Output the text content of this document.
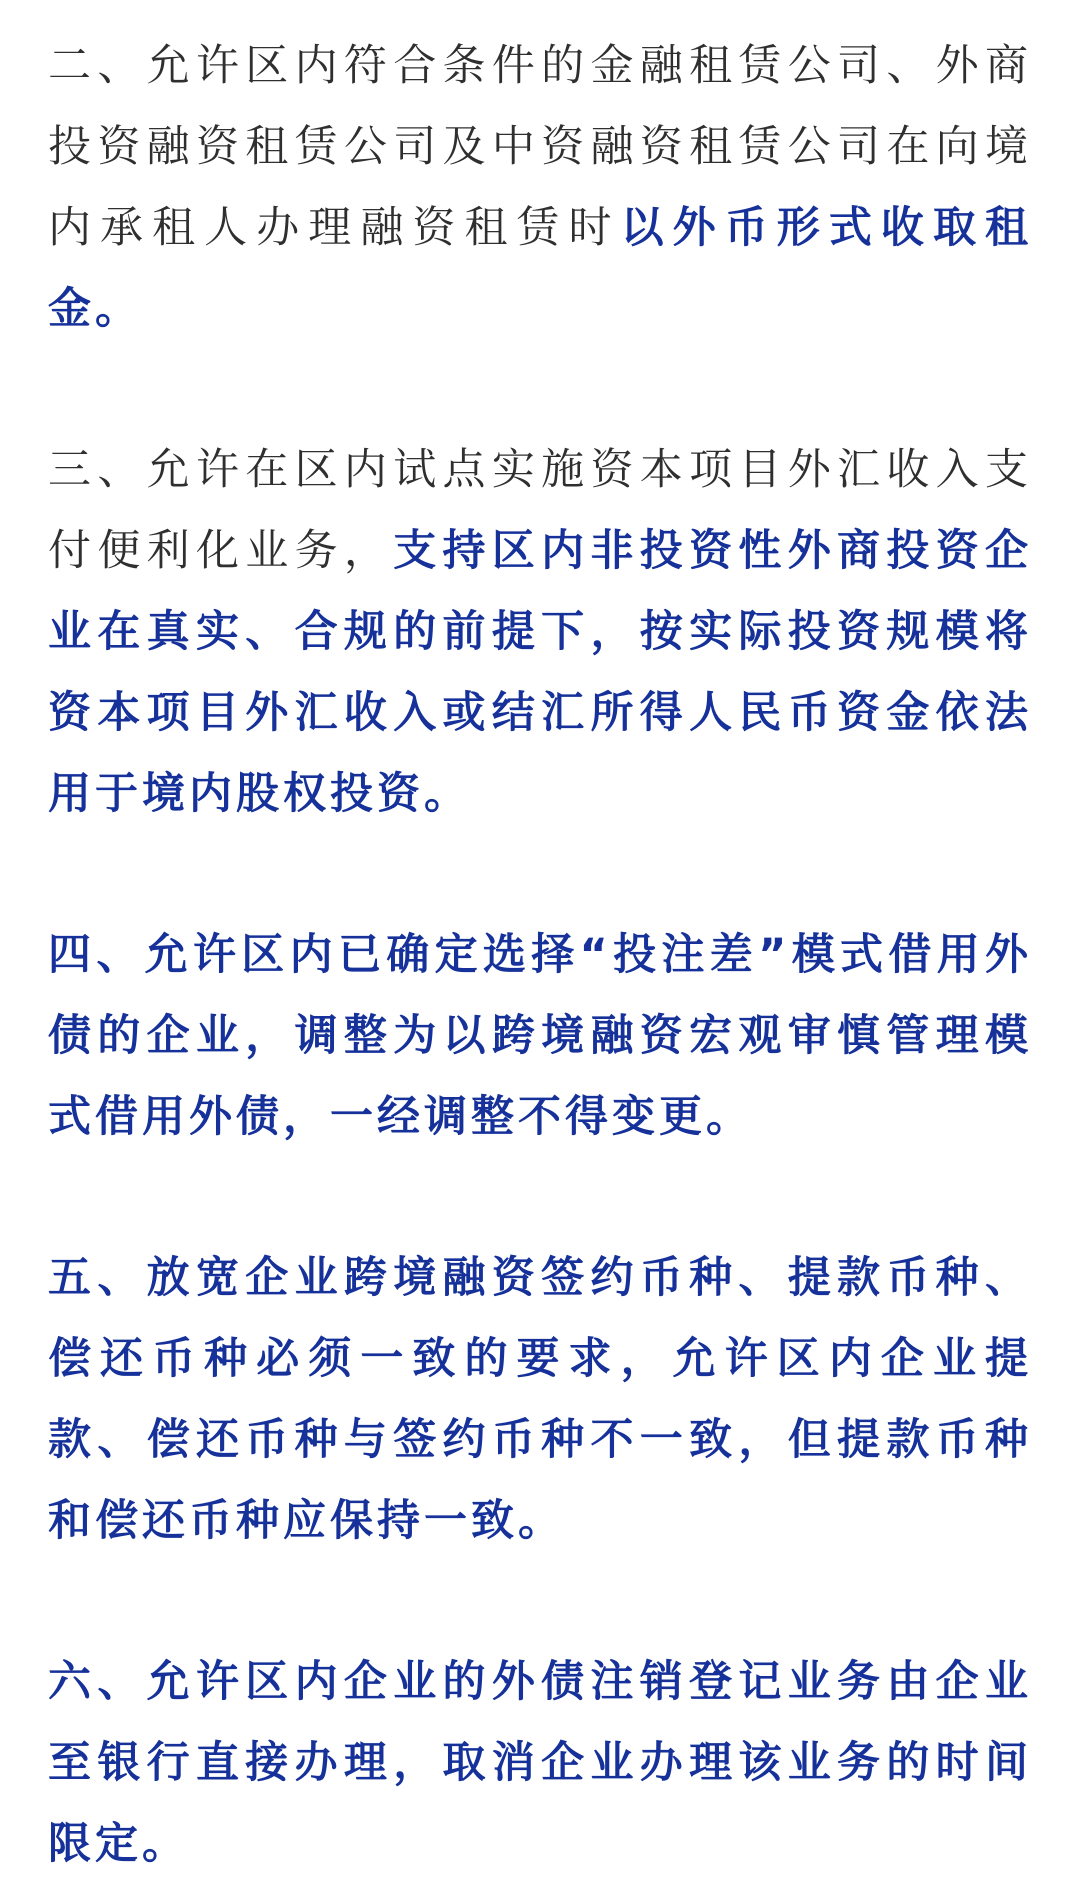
二、允许区内符合条件的金融租赁公司、外商投资融资租赁公司及中资融资租赁公司在向境内承租人办理融资租赁时以外币形式收取租金。

三、允许在区内试点实施资本项目外汇收入支付便利化业务，支持区内非投资性外商投资企业在真实、合规的前提下，按实际投资规模将资本项目外汇收入或结汇所得人民币资金依法用于境内股权投资。

四、允许区内已确定选择“投注差”模式借用外债的企业，调整为以跨境融资宏观审慎管理模式借用外债，一经调整不得变更。

五、放宽企业跨境融资签约币种、提款币种、偿还币种必须一致的要求，允许区内企业提款、偿还币种与签约币种不一致，但提款币种和偿还币种应保持一致。

六、允许区内企业的外债注销登记业务由企业至银行直接办理，取消企业办理该业务的时间限定。
